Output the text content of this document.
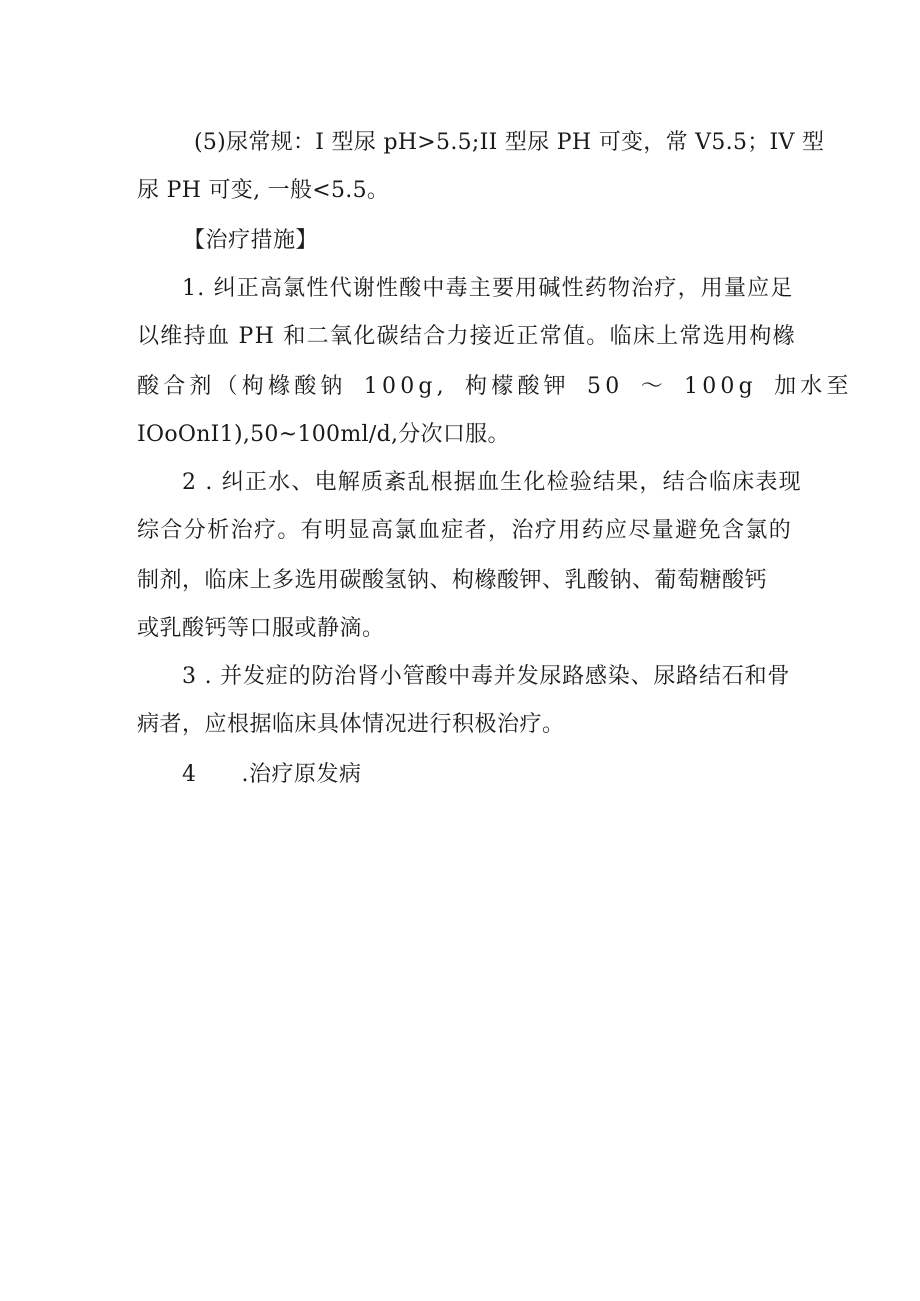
(5)尿常规：I 型尿 pH>5.5;II 型尿 PH 可变，常 V5.5；IV 型
尿 PH 可变, 一般<5.5。
【治疗措施】
1. 纠正高氯性代谢性酸中毒主要用碱性药物治疗，用量应足
以维持血 PH 和二氧化碳结合力接近正常值。临床上常选用枸橼
酸合剂（枸橼酸钠 100g, 枸檬酸钾 50 ～ 100g 加水至
IOoOnI1),50~100ml∕d,分次口服。
2 . 纠正水、电解质紊乱根据血生化检验结果，结合临床表现
综合分析治疗。有明显高氯血症者，治疗用药应尽量避免含氯的
制剂，临床上多选用碳酸氢钠、枸橼酸钾、乳酸钠、葡萄糖酸钙
或乳酸钙等口服或静滴。
3 . 并发症的防治肾小管酸中毒并发尿路感染、尿路结石和骨
病者，应根据临床具体情况进行积极治疗。
4　　.治疗原发病
